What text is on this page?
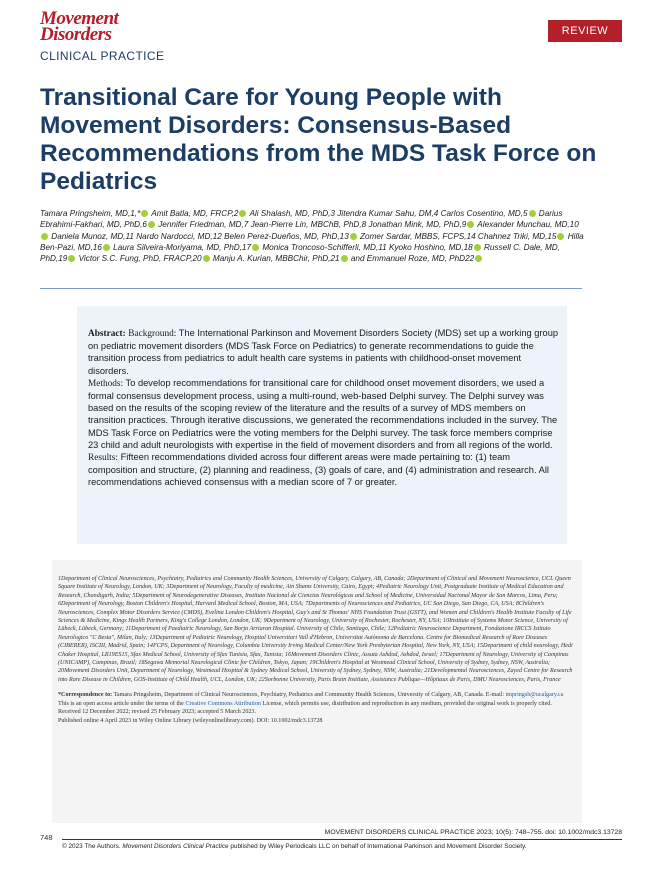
Movement
Disorders
CLINICAL PRACTICE
REVIEW
Transitional Care for Young People with Movement Disorders: Consensus-Based Recommendations from the MDS Task Force on Pediatrics
Tamara Pringsheim, MD,1,* Amit Batla, MD, FRCP,2 Ali Shalash, MD, PhD,3 Jitendra Kumar Sahu, DM,4 Carlos Cosentino, MD,5 Darius Ebrahimi-Fakhari, MD, PhD,6 Jennifer Friedman, MD,7 Jean-Pierre Lin, MBChB, PhD,8 Jonathan Mink, MD, PhD,9 Alexander Munchau, MD,10 Daniela Munoz, MD,11 Nardo Nardocci, MD,12 Belen Perez-Dueños, MD, PhD,13 Zomer Sardar, MBBS, FCPS,14 Chahnez Triki, MD,15 Hilla Ben-Pazi, MD,16 Laura Silveira-Moriyama, MD, PhD,17 Monica Troncoso-Schifferli, MD,11 Kyoko Hoshino, MD,18 Russell C. Dale, MD, PhD,19 Victor S.C. Fung, PhD, FRACP,20 Manju A. Kurian, MBBChir, PhD,21 and Emmanuel Roze, MD, PhD22

Abstract: Background: The International Parkinson and Movement Disorders Society (MDS) set up a working group on pediatric movement disorders (MDS Task Force on Pediatrics) to generate recommendations to guide the transition process from pediatrics to adult health care systems in patients with childhood-onset movement disorders.

Methods: To develop recommendations for transitional care for childhood onset movement disorders, we used a formal consensus development process, using a multi-round, web-based Delphi survey. The Delphi survey was based on the results of the scoping review of the literature and the results of a survey of MDS members on transition practices. Through iterative discussions, we generated the recommendations included in the survey. The MDS Task Force on Pediatrics were the voting members for the Delphi survey. The task force members comprise 23 child and adult neurologists with expertise in the field of movement disorders and from all regions of the world.

Results: Fifteen recommendations divided across four different areas were made pertaining to: (1) team composition and structure, (2) planning and readiness, (3) goals of care, and (4) administration and research. All recommendations achieved consensus with a median score of 7 or greater.

1Department of Clinical Neurosciences, Psychiatry, Pediatrics and Community Health Sciences, University of Calgary, Calgary, AB, Canada; 2Department of Clinical and Movement Neuroscience, UCL Queen Square Institute of Neurology, London, UK; 3Department of Neurology, Faculty of medicine, Ain Shams University, Cairo, Egypt; 4Pediatric Neurology Unit, Postgraduate Institute of Medical Education and Research, Chandigarh, India; 5Department of Neurodegenerative Diseases, Instituto Nacional de Ciencias Neurológicas and School of Medicine, Universidad Nacional Mayor de San Marcos, Lima, Peru; 6Department of Neurology, Boston Children's Hospital, Harvard Medical School, Boston, MA, USA; 7Departments of Neurosciences and Pediatrics, UC San Diego, San Diego, CA, USA; 8Children's Neurosciences, Complex Motor Disorders Service (CMDS), Evelina London Children's Hospital, Guy's and St Thomas' NHS Foundation Trust (GSTT), and Women and Children's Health Institute Faculty of Life Sciences & Medicine, Kings Health Partners, King's College London, London, UK; 9Department of Neurology, University of Rochester, Rochester, NY, USA; 10Institute of Systems Motor Science, University of Lübeck, Lübeck, Germany; 11Department of Paediatric Neurology, San Borja Arriaran Hospital. University of Chile, Santiago, Chile; 12Pediatric Neuroscience Department, Fondazione IRCCS Istituto Neurologico "C Besta", Milan, Italy; 13Department of Pediatric Neurology, Hospital Universitari Vall d'Hebron, Universitat Autònoma de Barcelona. Centre for Biomedical Research of Rare Diseases (CIBERER), ISCIII, Madrid, Spain; 14FCPS, Department of Neurology, Columbia University Irving Medical Center/New York Presbyterian Hospital, New York, NY, USA; 15Department of child neurology, Hedi Chaker Hospital, LR19ES15, Sfax Medical School, University of Sfax Tunisia, Sfax, Tunisia; 16Movement Disorders Clinic, Assuta Ashdod, Ashdod, Israel; 17Department of Neurology, University of Campinas (UNICAMP), Campinas, Brazil; 18Segawa Memorial Neurological Clinic for Children, Tokyo, Japan; 19Children's Hospital at Westmead Clinical School, University of Sydney, Sydney, NSW, Australia; 20Movement Disorders Unit, Department of Neurology, Westmead Hospital & Sydney Medical School, University of Sydney, Sydney, NSW, Australia; 21Developmental Neurosciences, Zayed Centre for Research into Rare Disease in Children, GOS-Institute of Child Health, UCL, London, UK; 22Sorbonne University, Paris Brain Institute, Assistance Publique—Hôpitaux de Paris, DMU Neurosciences, Paris, France

*Correspondence to: Tamara Pringsheim, Department of Clinical Neurosciences, Psychiatry, Pediatrics and Community Health Sciences, University of Calgary, AB, Canada. E-mail: tmpringsh@ucalgary.ca

This is an open access article under the terms of the Creative Commons Attribution License, which permits use, distribution and reproduction in any medium, provided the original work is properly cited.

Received 12 December 2022; revised 25 February 2023; accepted 5 March 2023.

Published online 4 April 2023 in Wiley Online Library (wileyonlinelibrary.com). DOI: 10.1002/mdc3.13728

MOVEMENT DISORDERS CLINICAL PRACTICE 2023; 10(5): 748–755. doi: 10.1002/mdc3.13728
748
© 2023 The Authors. Movement Disorders Clinical Practice published by Wiley Periodicals LLC on behalf of International Parkinson and Movement Disorder Society.
